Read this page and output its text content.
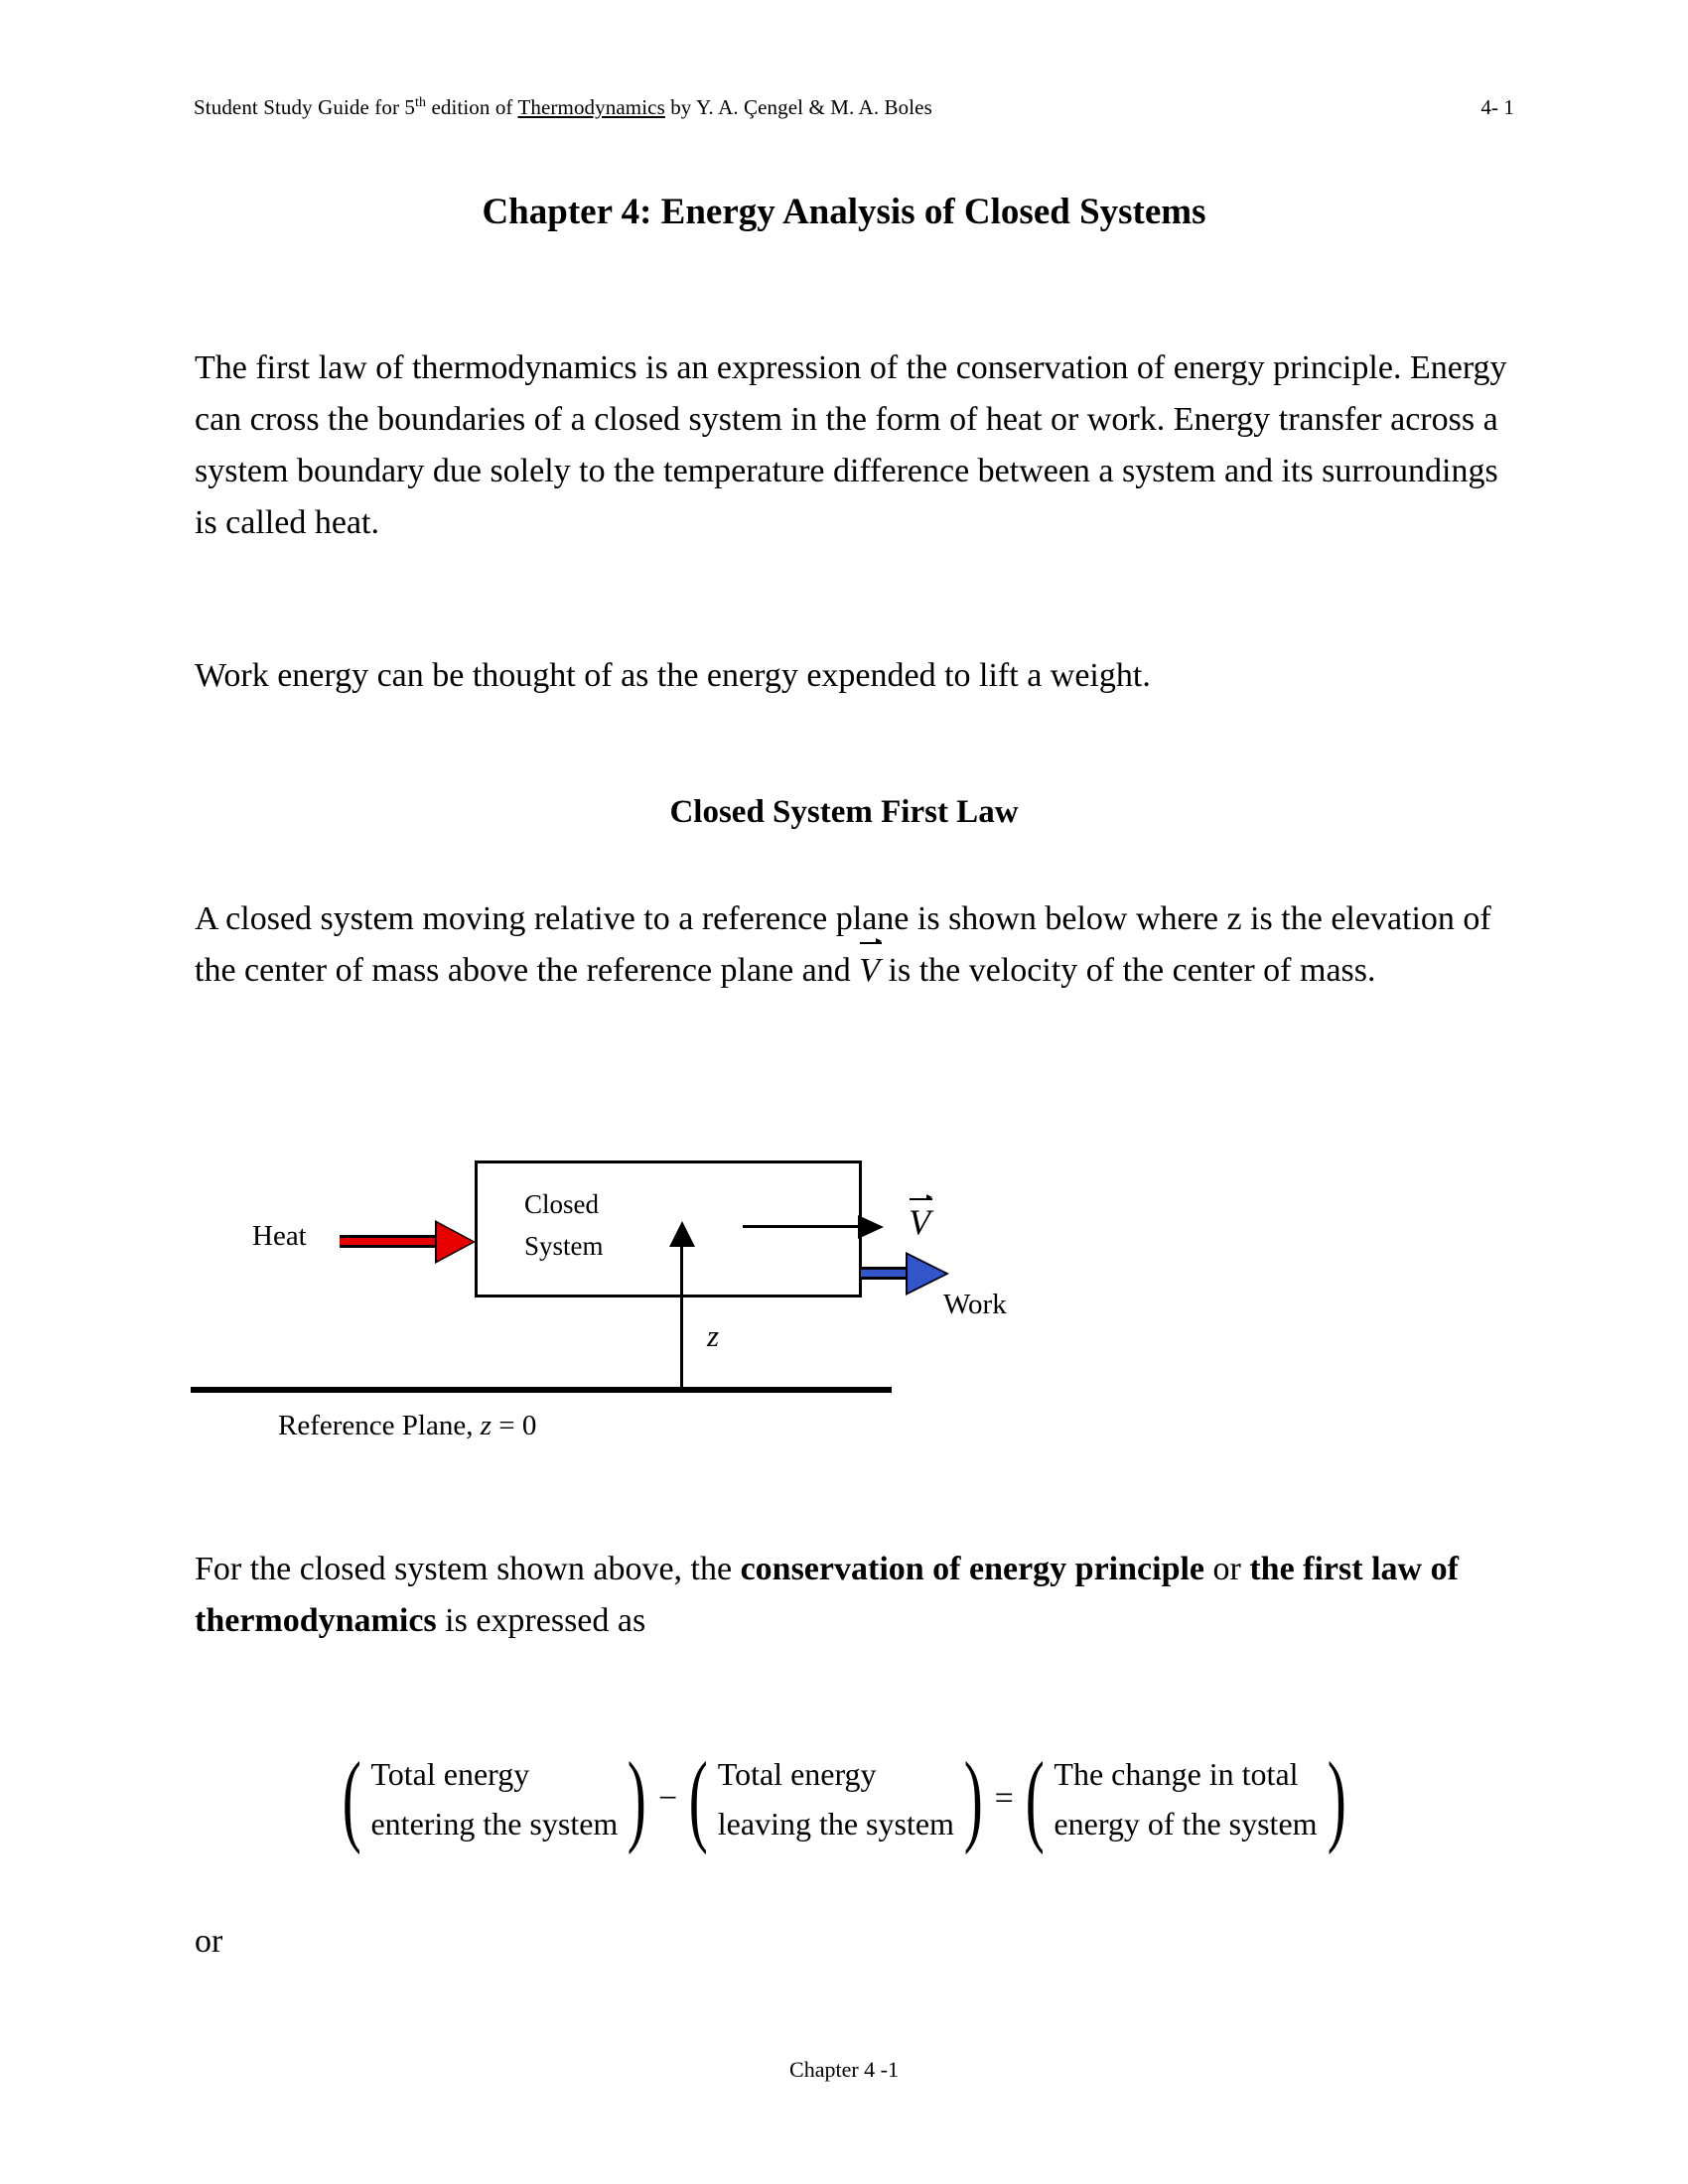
Student Study Guide for 5th edition of Thermodynamics by Y. A. Çengel & M. A. Boles	4- 1
Chapter 4: Energy Analysis of Closed Systems
The first law of thermodynamics is an expression of the conservation of energy principle. Energy can cross the boundaries of a closed system in the form of heat or work. Energy transfer across a system boundary due solely to the temperature difference between a system and its surroundings is called heat.
Work energy can be thought of as the energy expended to lift a weight.
Closed System First Law
A closed system moving relative to a reference plane is shown below where z is the elevation of the center of mass above the reference plane and V is the velocity of the center of mass.
Closed
System
Heat	V
Work
z
Reference Plane, z = 0
For the closed system shown above, the conservation of energy principle or the first law of thermodynamics is expressed as
( Total energy
entering the system ) − ( Total energy
leaving the system ) = ( The change in total
energy of the system )
or
Chapter 4 -1
